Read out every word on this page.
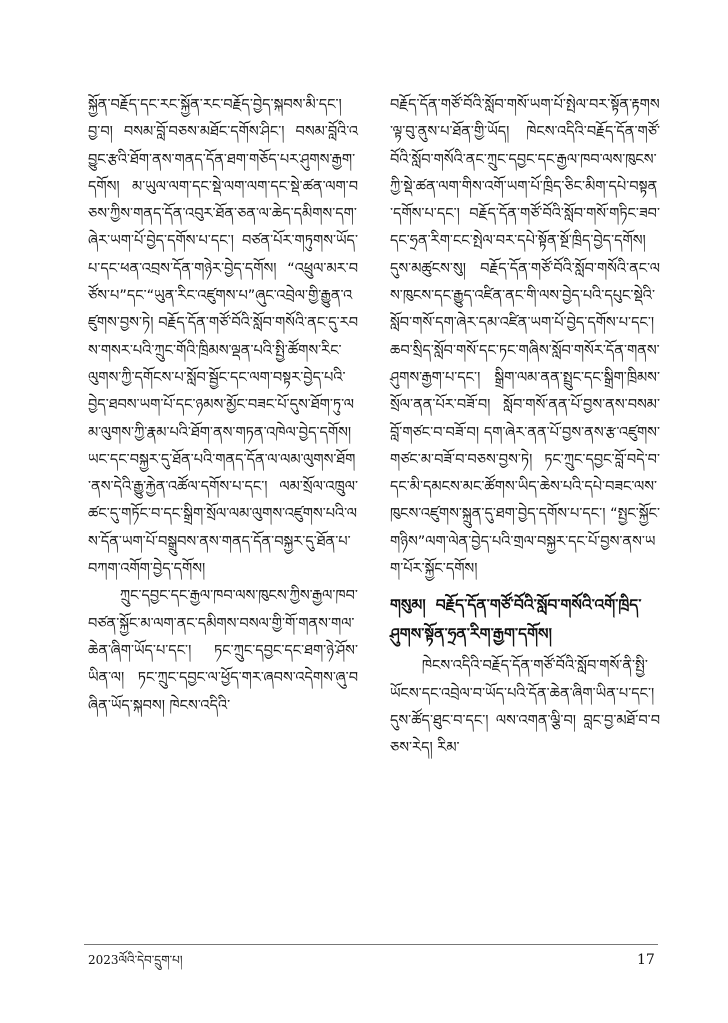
སྐྱོན་བརྗོད་དང་རང་སྐྱོན་རང་བརྗོད་བྱེད་སྐབས་མི་དང་། བྱ་བ། བསམ་བློ་བཅས་མཐོང་དགོས་ཤིང་། བསམ་བློའི་འབྱུང་རྩའི་ཐོག་ནས་གནད་དོན་ཐག་གཅོད་པར་ཤུགས་རྒྱག་དགོས། མ་ཡུལ་ལག་དང་སྡེ་ལག་ལག་དང་སྡེ་ཚན་ལག་བཅས་ཀྱིས་གནད་དོན་འབུར་ཐོན་ཅན་ལ་ཆེད་དམིགས་དག་ཞེར་ཡག་པོ་བྱེད་དགོས་པ་དང་། བཙན་པོར་གཏུགས་ཡོད་པ་དང་ཕན་འབྲས་དོན་གཉེར་བྱེད་དགོས། “འཕྲུལ་མར་བཙོས་པ”དང་“ཡུན་རིང་འཛུགས་པ”ཞུང་འབྲེལ་གྱི་རྒྱུན་འཛུགས་བྱས་ཏེ། བརྗོད་དོན་གཙོ་བོའི་སློབ་གསོའི་ནང་དུ་རབས་གསར་པའི་ཀྲུང་གོའི་ཁྲིམས་ལྡན་པའི་སྤྱི་ཚོགས་རིང་ལུགས་ཀྱི་དགོངས་པ་སློབ་སྦྱོང་དང་ལག་བསྟར་བྱེད་པའི་བྱེད་ཐབས་ཡག་པོ་དང་ཉམས་མྱོང་བཟང་པོ་དུས་ཐོག་ཏུ་ལམ་ལུགས་ཀྱི་རྣམ་པའི་ཐོག་ནས་གཏན་འཁེལ་བྱེད་དགོས། ཡང་དང་བསྐྱར་དུ་ཐོན་པའི་གནད་དོན་ལ་ལམ་ལུགས་ཐོག་ནས་དེའི་རྒྱུ་རྐྱེན་འཚོལ་དགོས་པ་དང་། ལམ་སྲོལ་འཁྲུལ་ཚང་དུ་གཏོང་བ་དང་སྒྲིག་སྲོལ་ལམ་ལུགས་འཛུགས་པའི་ལས་དོན་ཡག་པོ་བསྒྲུབས་ནས་གནད་དོན་བསྐྱར་དུ་ཐོན་པ་བཀག་འགོག་བྱེད་དགོས།

ཀྲུང་དབྱང་དང་རྒྱལ་ཁབ་ལས་ཁུངས་ཀྱིས་རྒྱལ་ཁབ་བཙན་སྐྱོང་མ་ལག་ནང་དམིགས་བསལ་གྱི་གོ་གནས་གལ་ཆེན་ཞིག་ཡོད་པ་དང་། ཏང་ཀྲུང་དབྱང་དང་ཐག་ཉེ་ཤོས་ཡིན་ལ། ཏང་ཀྲུང་དབྱང་ལ་ཕྱོད་གར་ཞབས་འདེགས་ཞུ་བཞིན་ཡོད་སྐབས། ཁེངས་འདིའི་

བརྗོད་དོན་གཙོ་བོའི་སློབ་གསོ་ཡག་པོ་སྤེལ་བར་སྟོན་རྟགས་ལྟ་བུ་ནུས་པ་ཐོན་གྱི་ཡོད། ཁེངས་འདིའི་བརྗོད་དོན་གཙོ་བོའི་སློབ་གསོའི་ནང་ཀྲུང་དབྱང་དང་རྒྱལ་ཁབ་ལས་ཁུངས་ཀྱི་སྡེ་ཚན་ལག་གིས་འགོ་ཡག་པོ་ཁྲིད་ཅིང་མིག་དཔེ་བསྟན་དགོས་པ་དང་། བརྗོད་དོན་གཙོ་བོའི་སློབ་གསོ་གཏིང་ཟབ་དང་ཧྲན་རིག་ངང་སྤེལ་བར་དཔེ་སྟོན་སྔོ་ཁྲིད་བྱེད་དགོས། དུས་མཚུངས་སུ། བརྗོད་དོན་གཙོ་བོའི་སློབ་གསོའི་ནང་ལས་ཁུངས་དང་རྒྱུད་འཛིན་ནང་གི་ལས་བྱེད་པའི་དཔུང་སྡེའི་སློབ་གསོ་དག་ཞེར་དམ་འཛིན་ཡག་པོ་བྱེད་དགོས་པ་དང་། ཆབ་སྲིད་སློབ་གསོ་དང་ཏང་གཞིས་སློབ་གསོར་དོན་གནས་ཤུགས་རྒྱག་པ་དང་། སྒྲིག་ལམ་ནན་སྤྲུང་དང་སྒྲིག་ཁྲིམས་སྲོལ་ནན་པོར་བཟོ་བ། སློབ་གསོ་ནན་པོ་བྱས་ནས་བསམ་བློ་གཙང་བ་བཟོ་བ། དག་ཞེར་ནན་པོ་བྱས་ནས་རྩ་འཛུགས་གཙང་མ་བཟོ་བ་བཅས་བྱས་ཏེ། ཏང་ཀྲུང་དབྱང་བློ་བདེ་བ་དང་མི་དམངས་མང་ཚོགས་ཡིད་ཆེས་པའི་དཔེ་བཟང་ལས་ཁུངས་འཛུགས་སྐྲུན་དུ་ཐག་བྱེད་དགོས་པ་དང་། “སྤྱང་སྐྱོང་གཉིས”ལག་ལེན་བྱེད་པའི་གྲལ་བསྐྱར་དང་པོ་བྱས་ནས་ཡག་པོར་སྐྱོང་དགོས།

གསུམ། བརྗོད་དོན་གཙོ་བོའི་སློབ་གསོའི་འགོ་ཁྲིད་ཤུགས་སྟོན་ཧྲན་རིག་རྒྱག་དགོས།

ཁེངས་འདིའི་བརྗོད་དོན་གཙོ་བོའི་སློབ་གསོ་ནི་སྤྱི་ཡོངས་དང་འབྲེལ་བ་ཡོད་པའི་དོན་ཆེན་ཞིག་ཡིན་པ་དང་། དུས་ཚོད་ཐུང་བ་དང་། ལས་འགན་ལྕི་བ། བླང་བྱ་མཐོ་བ་བཅས་རེད། རིམ་

2023ལོའི་དེབ་དྲུག་པ།	17
